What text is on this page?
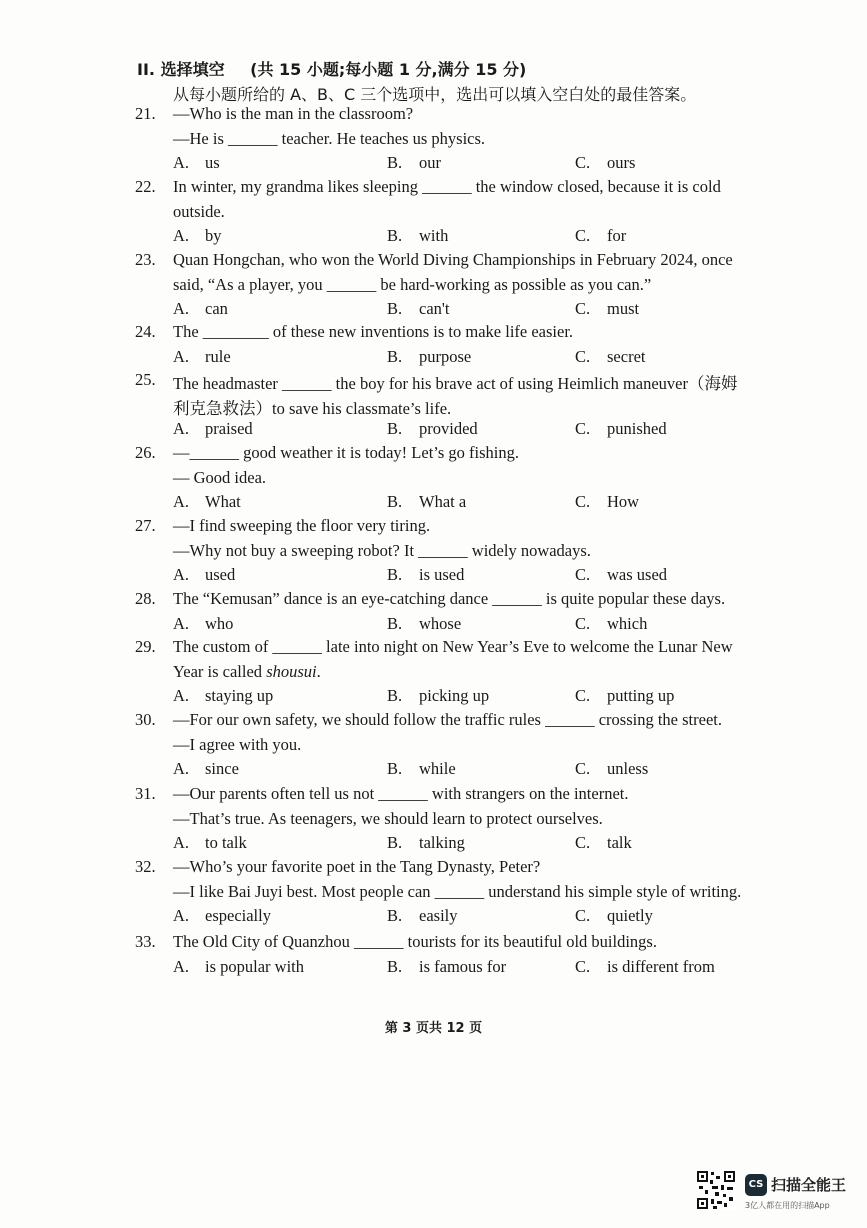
II. 选择填空 (共 15 小题;每小题 1 分,满分 15 分)
从每小题所给的 A、B、C 三个选项中，选出可以填入空白处的最佳答案。
21. —Who is the man in the classroom?
—He is ______ teacher. He teaches us physics.
A. us	B. our	C. ours
22. In winter, my grandma likes sleeping ______ the window closed, because it is cold
outside.
A. by	B. with	C. for
23. Quan Hongchan, who won the World Diving Championships in February 2024, once
said, “As a player, you ______ be hard-working as possible as you can.”
A. can	B. can't	C. must
24. The ________ of these new inventions is to make life easier.
A. rule	B. purpose	C. secret
25. The headmaster ______ the boy for his brave act of using Heimlich maneuver（海姆
利克急救法）to save his classmate’s life.
A. praised	B. provided	C. punished
26. —______ good weather it is today! Let’s go fishing.
— Good idea.
A. What	B. What a	C. How
27. —I find sweeping the floor very tiring.
—Why not buy a sweeping robot? It ______ widely nowadays.
A. used	B. is used	C. was used
28. The “Kemusan” dance is an eye-catching dance ______ is quite popular these days.
A. who	B. whose	C. which
29. The custom of ______ late into night on New Year’s Eve to welcome the Lunar New
Year is called shousui.
A. staying up	B. picking up	C. putting up
30. —For our own safety, we should follow the traffic rules ______ crossing the street.
—I agree with you.
A. since	B. while	C. unless
31. —Our parents often tell us not ______ with strangers on the internet.
—That’s true. As teenagers, we should learn to protect ourselves.
A. to talk	B. talking	C. talk
32. —Who’s your favorite poet in the Tang Dynasty, Peter?
—I like Bai Juyi best. Most people can ______ understand his simple style of writing.
A. especially	B. easily	C. quietly
33. The Old City of Quanzhou ______ tourists for its beautiful old buildings.
A. is popular with	B. is famous for	C. is different from
第 3 页共 12 页
CS 扫描全能王
3亿人都在用的扫描App
